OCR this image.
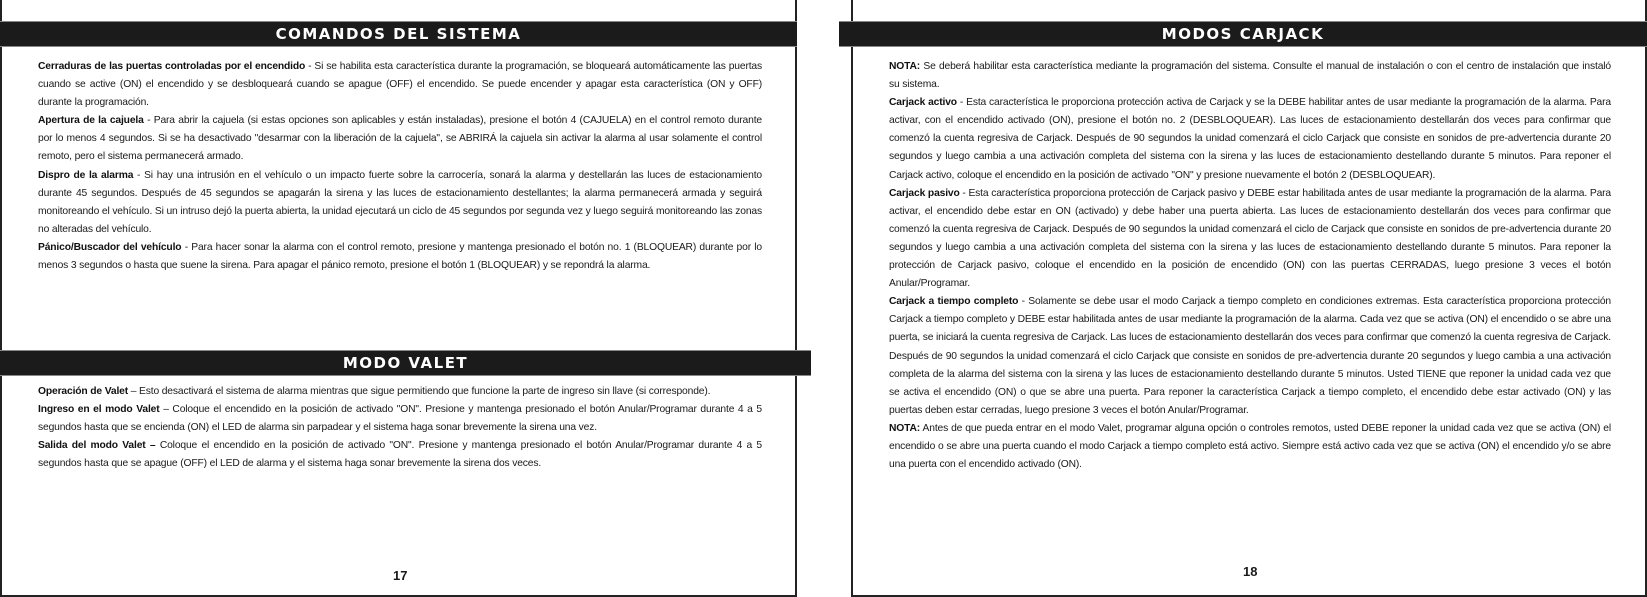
COMANDOS DEL SISTEMA

Cerraduras de las puertas controladas por el encendido - Si se habilita esta característica durante la programación, se bloqueará automáticamente las puertas cuando se active (ON) el encendido y se desbloqueará cuando se apague (OFF) el encendido. Se puede encender y apagar esta característica (ON y OFF) durante la programación.

Apertura de la cajuela - Para abrir la cajuela (si estas opciones son aplicables y están instaladas), presione el botón 4 (CAJUELA) en el control remoto durante por lo menos 4 segundos. Si se ha desactivado "desarmar con la liberación de la cajuela", se ABRIRÁ la cajuela sin activar la alarma al usar solamente el control remoto, pero el sistema permanecerá armado.

Dispro de la alarma - Si hay una intrusión en el vehículo o un impacto fuerte sobre la carrocería, sonará la alarma y destellarán las luces de estacionamiento durante 45 segundos. Después de 45 segundos se apagarán la sirena y las luces de estacionamiento destellantes; la alarma permanecerá armada y seguirá monitoreando el vehículo. Si un intruso dejó la puerta abierta, la unidad ejecutará un ciclo de 45 segundos por segunda vez y luego seguirá monitoreando las zonas no alteradas del vehículo.

Pánico/Buscador del vehículo - Para hacer sonar la alarma con el control remoto, presione y mantenga presionado el botón no. 1 (BLOQUEAR) durante por lo menos 3 segundos o hasta que suene la sirena. Para apagar el pánico remoto, presione el botón 1 (BLOQUEAR) y se repondrá la alarma.

MODO VALET

Operación de Valet – Esto desactivará el sistema de alarma mientras que sigue permitiendo que funcione la parte de ingreso sin llave (si corresponde).

Ingreso en el modo Valet – Coloque el encendido en la posición de activado "ON". Presione y mantenga presionado el botón Anular/Programar durante 4 a 5 segundos hasta que se encienda (ON) el LED de alarma sin parpadear y el sistema haga sonar brevemente la sirena una vez.

Salida del modo Valet – Coloque el encendido en la posición de activado "ON". Presione y mantenga presionado el botón Anular/Programar durante 4 a 5 segundos hasta que se apague (OFF) el LED de alarma y el sistema haga sonar brevemente la sirena dos veces.

17
MODOS CARJACK

NOTA: Se deberá habilitar esta característica mediante la programación del sistema. Consulte el manual de instalación o con el centro de instalación que instaló su sistema.

Carjack activo - Esta característica le proporciona protección activa de Carjack y se la DEBE habilitar antes de usar mediante la programación de la alarma. Para activar, con el encendido activado (ON), presione el botón no. 2 (DESBLOQUEAR). Las luces de estacionamiento destellarán dos veces para confirmar que comenzó la cuenta regresiva de Carjack. Después de 90 segundos la unidad comenzará el ciclo Carjack que consiste en sonidos de pre-advertencia durante 20 segundos y luego cambia a una activación completa del sistema con la sirena y las luces de estacionamiento destellando durante 5 minutos. Para reponer el Carjack activo, coloque el encendido en la posición de activado "ON" y presione nuevamente el botón 2 (DESBLOQUEAR).

Carjack pasivo - Esta característica proporciona protección de Carjack pasivo y DEBE estar habilitada antes de usar mediante la programación de la alarma. Para activar, el encendido debe estar en ON (activado) y debe haber una puerta abierta. Las luces de estacionamiento destellarán dos veces para confirmar que comenzó la cuenta regresiva de Carjack. Después de 90 segundos la unidad comenzará el ciclo de Carjack que consiste en sonidos de pre-advertencia durante 20 segundos y luego cambia a una activación completa del sistema con la sirena y las luces de estacionamiento destellando durante 5 minutos. Para reponer la protección de Carjack pasivo, coloque el encendido en la posición de encendido (ON) con las puertas CERRADAS, luego presione 3 veces el botón Anular/Programar.

Carjack a tiempo completo - Solamente se debe usar el modo Carjack a tiempo completo en condiciones extremas. Esta característica proporciona protección Carjack a tiempo completo y DEBE estar habilitada antes de usar mediante la programación de la alarma. Cada vez que se activa (ON) el encendido o se abre una puerta, se iniciará la cuenta regresiva de Carjack. Las luces de estacionamiento destellarán dos veces para confirmar que comenzó la cuenta regresiva de Carjack. Después de 90 segundos la unidad comenzará el ciclo Carjack que consiste en sonidos de pre-advertencia durante 20 segundos y luego cambia a una activación completa de la alarma del sistema con la sirena y las luces de estacionamiento destellando durante 5 minutos. Usted TIENE que reponer la unidad cada vez que se activa el encendido (ON) o que se abre una puerta. Para reponer la característica Carjack a tiempo completo, el encendido debe estar activado (ON) y las puertas deben estar cerradas, luego presione 3 veces el botón Anular/Programar.

NOTA: Antes de que pueda entrar en el modo Valet, programar alguna opción o controles remotos, usted DEBE reponer la unidad cada vez que se activa (ON) el encendido o se abre una puerta cuando el modo Carjack a tiempo completo está activo. Siempre está activo cada vez que se activa (ON) el encendido y/o se abre una puerta con el encendido activado (ON).

18
